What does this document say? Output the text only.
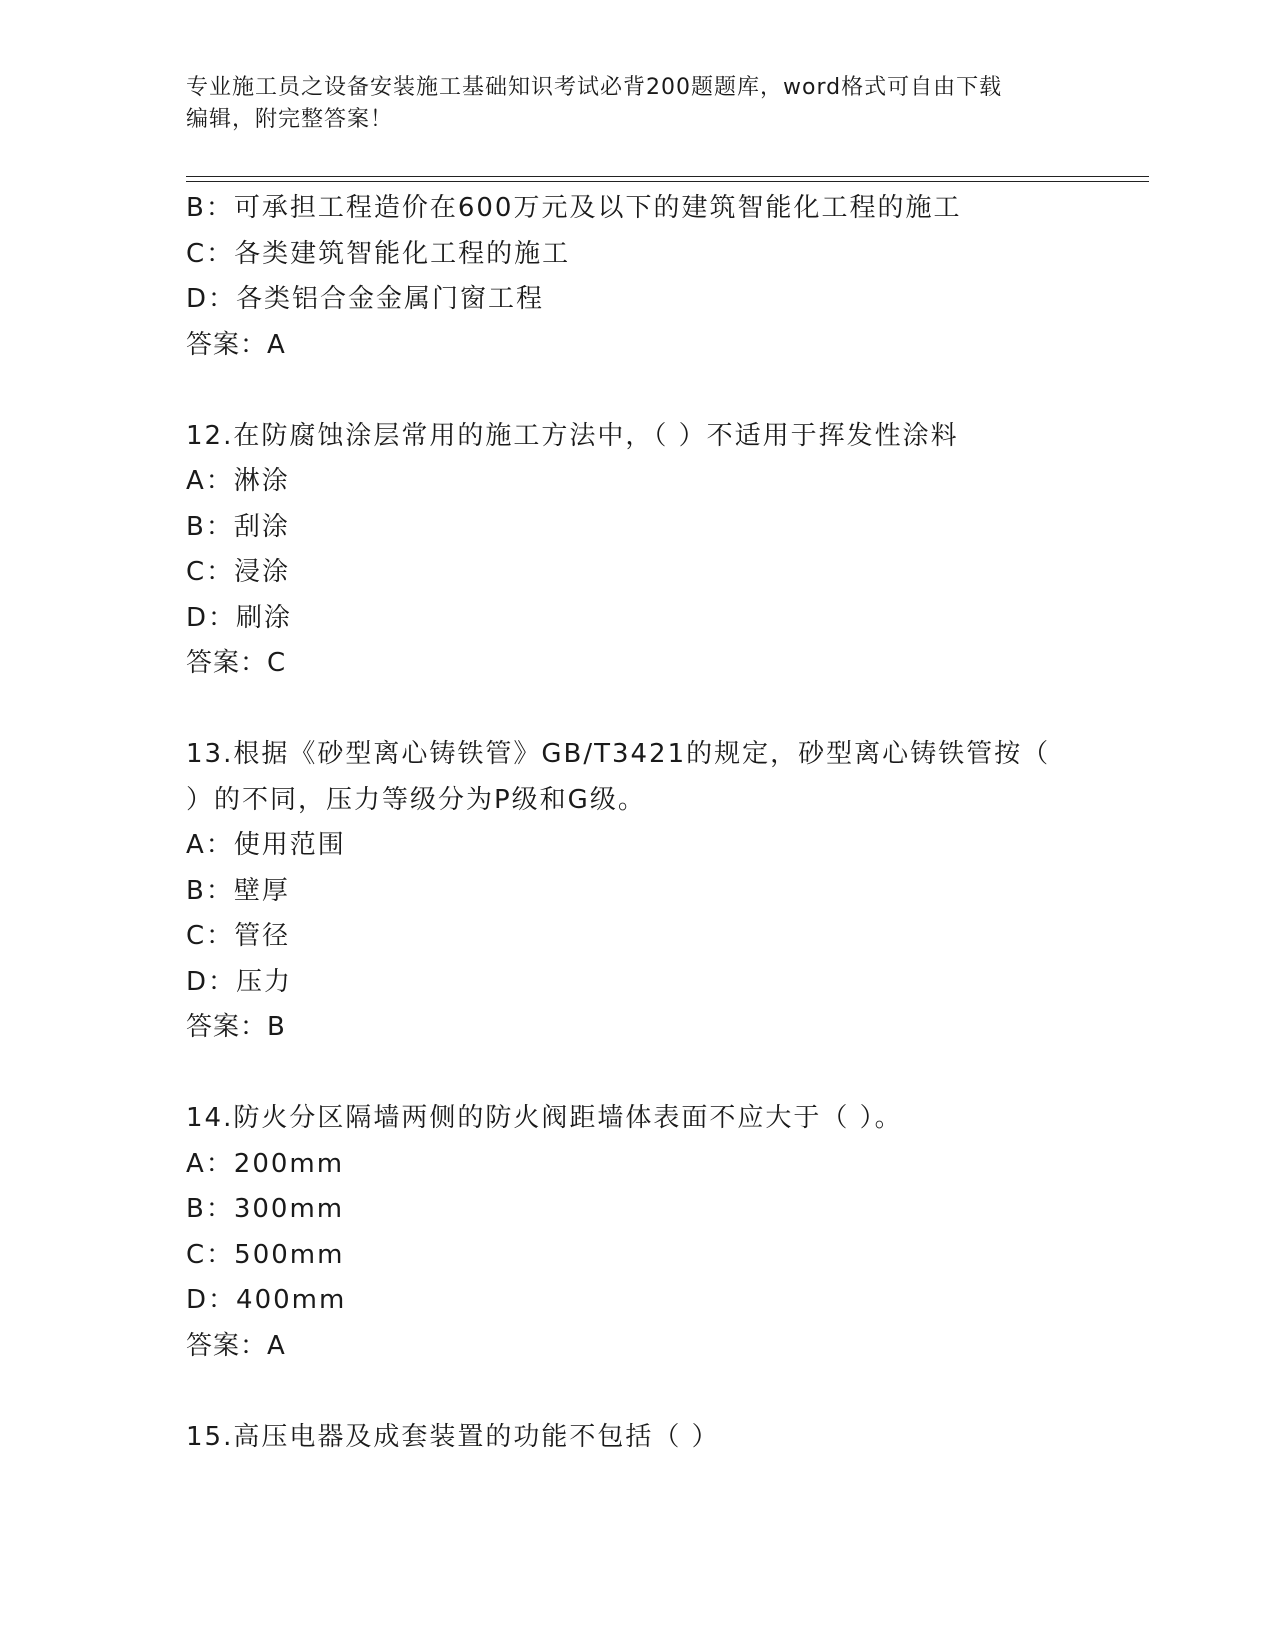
专业施工员之设备安装施工基础知识考试必背200题题库，word格式可自由下载
编辑，附完整答案！
B：可承担工程造价在600万元及以下的建筑智能化工程的施工
C：各类建筑智能化工程的施工
D：各类铝合金金属门窗工程
答案：A
12.在防腐蚀涂层常用的施工方法中，（ ）不适用于挥发性涂料
A：淋涂
B：刮涂
C：浸涂
D：刷涂
答案：C
13.根据《砂型离心铸铁管》GB/T3421的规定，砂型离心铸铁管按（
）的不同，压力等级分为P级和G级。
A：使用范围
B：壁厚
C：管径
D：压力
答案：B
14.防火分区隔墙两侧的防火阀距墙体表面不应大于（ ）。
A：200mm
B：300mm
C：500mm
D：400mm
答案：A
15.高压电器及成套装置的功能不包括（ ）
